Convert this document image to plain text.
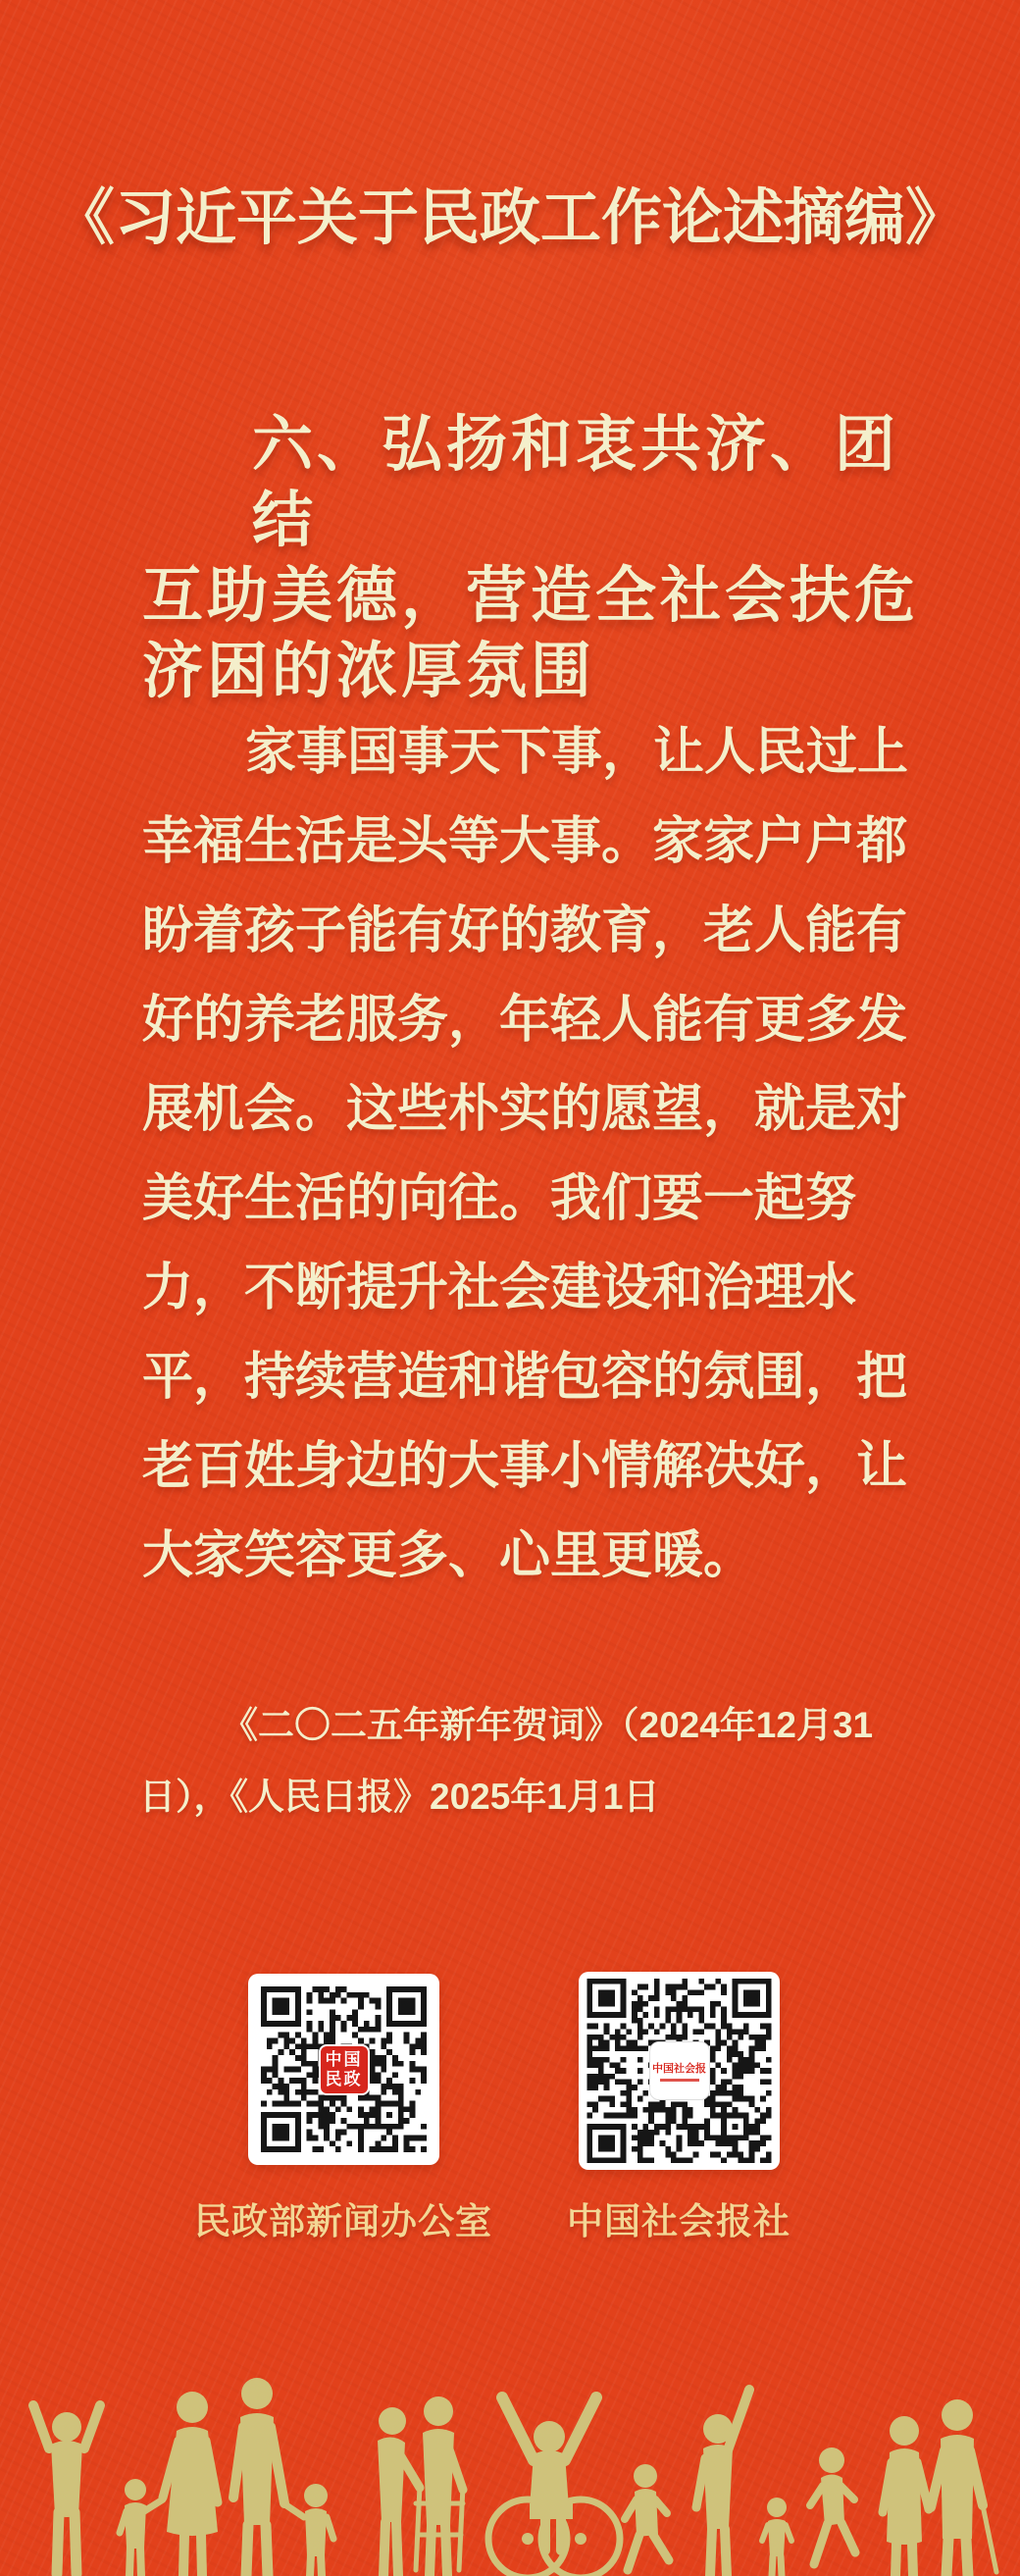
《习近平关于民政工作论述摘编》
六、弘扬和衷共济、团结
互助美德，营造全社会扶危
济困的浓厚氛围
家事国事天下事，让人民过上
幸福生活是头等大事。家家户户都
盼着孩子能有好的教育，老人能有
好的养老服务，年轻人能有更多发
展机会。这些朴实的愿望，就是对
美好生活的向往。我们要一起努
力，不断提升社会建设和治理水
平，持续营造和谐包容的氛围，把
老百姓身边的大事小情解决好，让
大家笑容更多、心里更暖。
《二〇二五年新年贺词》（2024年12月31
日），《人民日报》2025年1月1日
中国民政
中国社会报
民政部新闻办公室	中国社会报社
